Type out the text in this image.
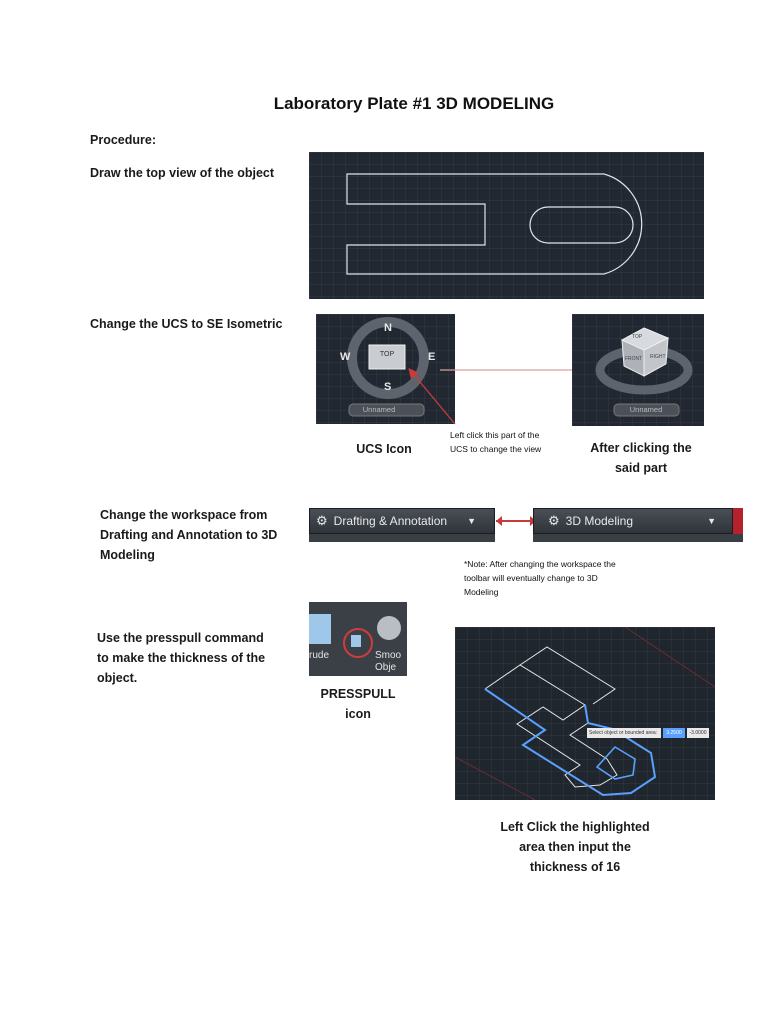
Laboratory Plate #1 3D MODELING
Procedure:
Draw the top view of the object
Change the UCS to SE Isometric	N
S
E
W	TOP
Unnamed
TOP
FRONT RIGHT
Unnamed
UCS Icon
Left click this part of the UCS to change the view	After clicking the said part
Change the workspace from Drafting and Annotation to 3D Modeling
⚙ Drafting & Annotation ▼	⚙ 3D Modeling	▼
*Note: After changing the workspace the toolbar will eventually change to 3D Modeling
Use the presspull command to make the thickness of the object.
rude	Smoo Obje
PRESSPULL icon
Select object or bounded area:	3.2500	-3.0000
Left Click the highlighted area then input the thickness of 16
